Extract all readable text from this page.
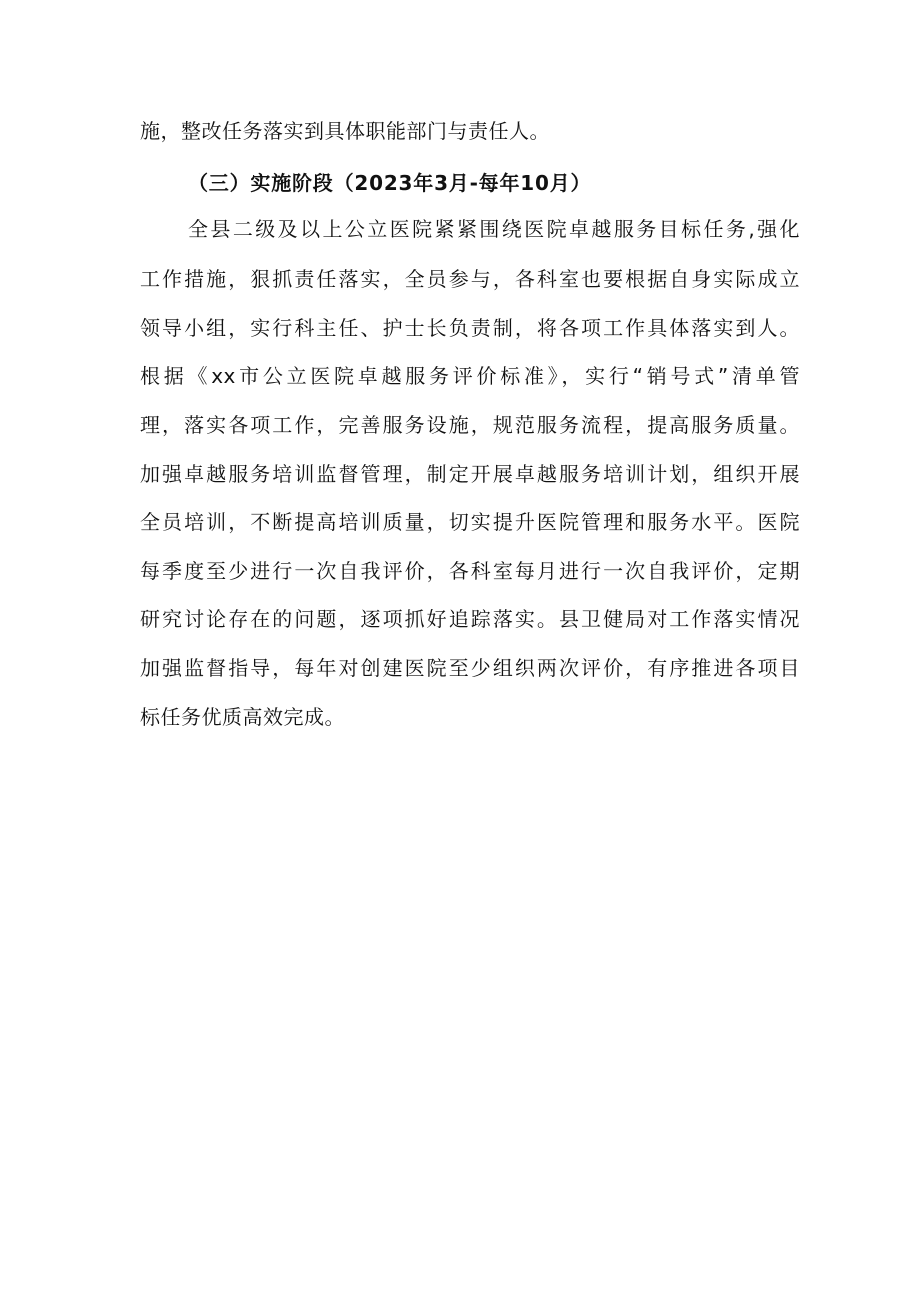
施，整改任务落实到具体职能部门与责任人。
（三）实施阶段（2023年3月-每年10月）
全县二级及以上公立医院紧紧围绕医院卓越服务目标任务,强化
工作措施，狠抓责任落实，全员参与，各科室也要根据自身实际成立
领导小组，实行科主任、护士长负责制，将各项工作具体落实到人。
根据《xx市公立医院卓越服务评价标准》，实行“销号式”清单管
理，落实各项工作，完善服务设施，规范服务流程，提高服务质量。
加强卓越服务培训监督管理，制定开展卓越服务培训计划，组织开展
全员培训，不断提高培训质量，切实提升医院管理和服务水平。医院
每季度至少进行一次自我评价，各科室每月进行一次自我评价，定期
研究讨论存在的问题，逐项抓好追踪落实。县卫健局对工作落实情况
加强监督指导，每年对创建医院至少组织两次评价，有序推进各项目
标任务优质高效完成。
